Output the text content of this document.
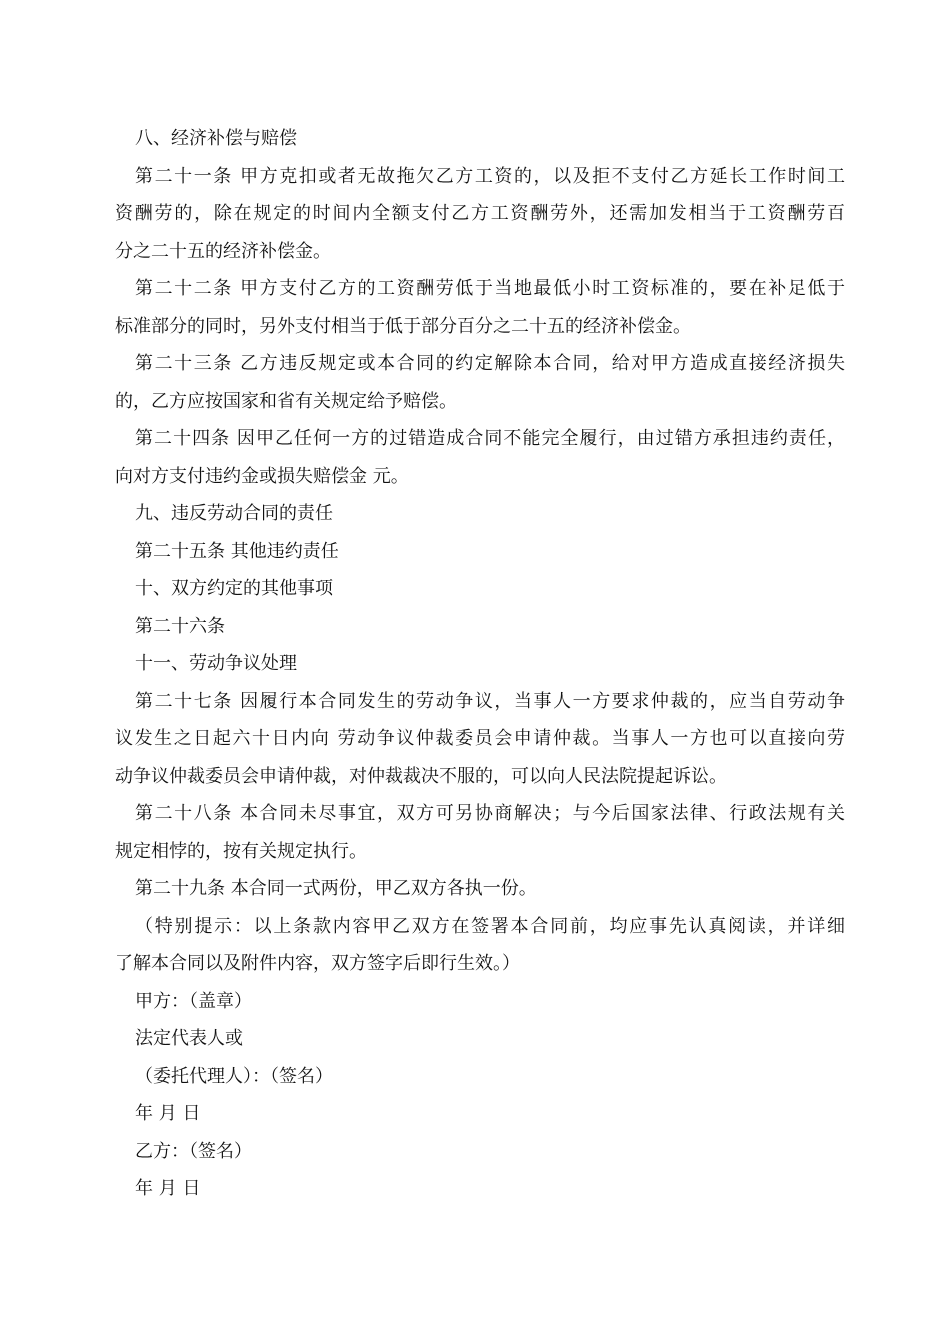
八、经济补偿与赔偿
第二十一条 甲方克扣或者无故拖欠乙方工资的，以及拒不支付乙方延长工作时间工
资酬劳的，除在规定的时间内全额支付乙方工资酬劳外，还需加发相当于工资酬劳百
分之二十五的经济补偿金。
第二十二条 甲方支付乙方的工资酬劳低于当地最低小时工资标准的，要在补足低于
标准部分的同时，另外支付相当于低于部分百分之二十五的经济补偿金。
第二十三条 乙方违反规定或本合同的约定解除本合同，给对甲方造成直接经济损失
的，乙方应按国家和省有关规定给予赔偿。
第二十四条 因甲乙任何一方的过错造成合同不能完全履行，由过错方承担违约责任，
向对方支付违约金或损失赔偿金 元。
九、违反劳动合同的责任
第二十五条 其他违约责任
十、双方约定的其他事项
第二十六条
十一、劳动争议处理
第二十七条 因履行本合同发生的劳动争议，当事人一方要求仲裁的，应当自劳动争
议发生之日起六十日内向 劳动争议仲裁委员会申请仲裁。当事人一方也可以直接向劳
动争议仲裁委员会申请仲裁，对仲裁裁决不服的，可以向人民法院提起诉讼。
第二十八条 本合同未尽事宜，双方可另协商解决；与今后国家法律、行政法规有关
规定相悖的，按有关规定执行。
第二十九条 本合同一式两份，甲乙双方各执一份。
（特别提示：以上条款内容甲乙双方在签署本合同前，均应事先认真阅读，并详细
了解本合同以及附件内容，双方签字后即行生效。）
甲方：（盖章）
法定代表人或
（委托代理人）：（签名）
年 月 日
乙方：（签名）
年 月 日
